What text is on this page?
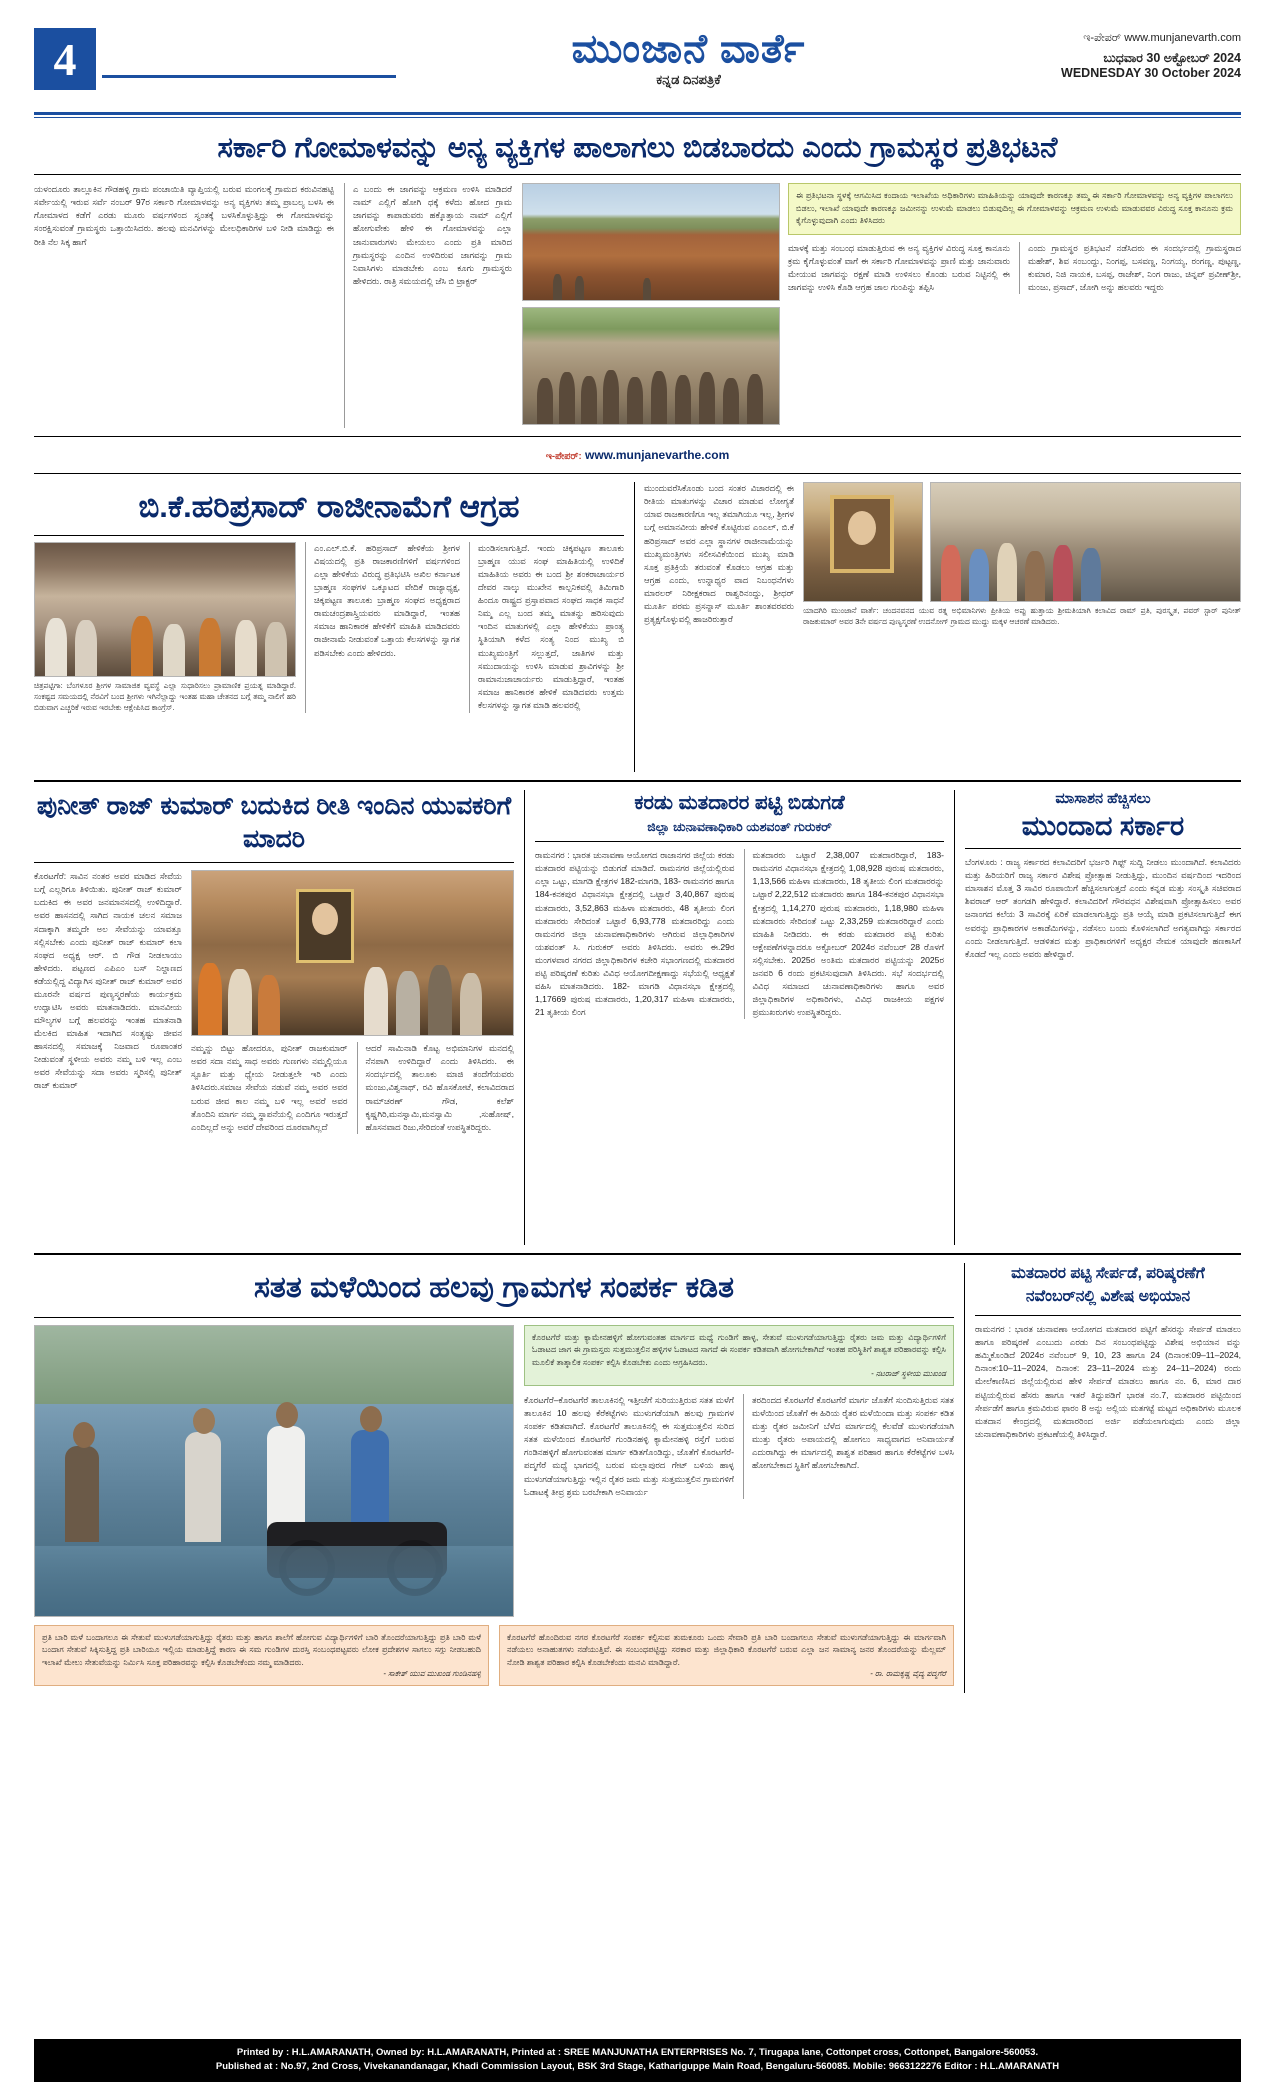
4	ಮುಂಜಾನೆ ವಾರ್ತೆ
ಕನ್ನಡ ದಿನಪತ್ರಿಕೆ
ಇ-ಪೇಪರ್ www.munjanevarth.com
ಬುಧವಾರ 30 ಅಕ್ಟೋಬರ್ 2024
WEDNESDAY 30 October 2024
ಸರ್ಕಾರಿ ಗೋಮಾಳವನ್ನು ಅನ್ಯ ವ್ಯಕ್ತಿಗಳ ಪಾಲಾಗಲು ಬಿಡಬಾರದು ಎಂದು ಗ್ರಾಮಸ್ಥರ ಪ್ರತಿಭಟನೆ
ಯಳಂದೂರು ತಾಲ್ಲೂಕಿನ ಗೌಡಹಳ್ಳಿ ಗ್ರಾಮ ಪಂಚಾಯಿತಿ ವ್ಯಾಪ್ತಿಯಲ್ಲಿ ಬರುವ ಮಂಗಲಕ್ಕೆ ಗ್ರಾಮದ ಕರುವಿನಹಟ್ಟಿ ಸರ್ವೇಯಲ್ಲಿ ಇರುವ ಸರ್ವೆ ನಂಬರ್ 97ರ ಸರ್ಕಾರಿ ಗೋಮಾಳವನ್ನು ಅನ್ಯ ವ್ಯಕ್ತಿಗಳು ತಮ್ಮ ಪ್ರಾಬಲ್ಯ ಬಳಸಿ ಈ ಗೋಮಾಳದ ಕಡೆಗೆ ಎರಡು ಮೂರು ವರ್ಷಗಳಿಂದ ಸ್ವಂತಕ್ಕೆ ಬಳಸಿಕೊಳ್ಳುತ್ತಿದ್ದು ಈ ಗೋಮಾಳವನ್ನು ಸಂರಕ್ಷಿಸುವಂತೆ ಗ್ರಾಮಸ್ಥರು ಒತ್ತಾಯಿಸಿದರು. ಹಲವು ಮನವಿಗಳನ್ನು ಮೇಲಧಿಕಾರಿಗಳ ಬಳಿ ನೀಡಿ ಮಾಡಿದ್ದು ಈ ರೀತಿ ನೆಲ ಸಿಕ್ಕ ಹಾಗೆ
ಎ ಬಂದು ಈ ಜಾಗವನ್ನು ಆಕ್ರಮಣ ಉಳಿಸಿ ಮಾಡಿದರೆ ನಾಮ್ ಎಲ್ಲಿಗೆ ಹೋಗಿ ಧಕ್ಕೆ ಕಳೆದು ಹೋದ ಗ್ರಾಮ ಜಾಗವನ್ನು ಕಾಪಾಡುವರು ಹಕ್ಕೊತ್ತಾಯ ನಾಮ್ ಎಲ್ಲಿಗೆ ಹೋಗುವೇಕು ಹೇಳಿ ಈ ಗೋಮಾಳವನ್ನು ಎಲ್ಲಾ ಜಾನುವಾರುಗಳು ಮೇಯಲು ಎಂದು ಪ್ರತಿ ಮಾರಿದ ಗ್ರಾಮಸ್ಥರನ್ನು ಎಂದಿನ ಉಳಿದಿರುವ ಜಾಗವನ್ನು ಗ್ರಾಮ ನಿವಾಸಿಗಳು ಮಾಡಬೇಕು ಎಂಬ ಕೂಗು ಗ್ರಾಮಸ್ಥರು ಹೇಳಿದರು. ರಾತ್ರಿ ಸಮಯದಲ್ಲಿ ಜೆಸಿ ಬಿ ಟ್ರಾಕ್ಟರ್
ಈ ಪ್ರತಿಭಟನಾ ಸ್ಥಳಕ್ಕೆ ಆಗಮಿಸಿದ ಕಂದಾಯ ಇಲಾಖೆಯ ಅಧಿಕಾರಿಗಳು ಮಾಹಿತಿಯನ್ನು ಯಾವುದೇ ಕಾರಣಕ್ಕೂ ತಮ್ಮ ಈ ಸರ್ಕಾರಿ ಗೋಮಾಳವನ್ನು ಅನ್ಯ ವ್ಯಕ್ತಿಗಳ ಪಾಲಾಗಲು ಬಿಡಲು, ಇಲಾಖೆ ಯಾವುದೇ ಕಾರಣಕ್ಕೂ ಜಮೀನನ್ನು ಉಳುಮೆ ಮಾಡಲು ಬಿಡುವುದಿಲ್ಲ ಈ ಗೋಮಾಳವನ್ನು ಆಕ್ರಮಣ ಉಳುಮೆ ಮಾಡುವವರ ವಿರುದ್ಧ ಸೂಕ್ತ ಕಾನೂನು ಕ್ರಮ ಕೈಗೊಳ್ಳುವುದಾಗಿ ಎಂದು ತಿಳಿಸಿದರು
ಮಾಳಕ್ಕೆ ಮತ್ತು ಸಂಬಂಧ ಮಾಡುತ್ತಿರುವ ಈ ಅನ್ಯ ವ್ಯಕ್ತಿಗಳ ವಿರುದ್ಧ ಸೂಕ್ತ ಕಾನೂನು ಕ್ರಮ ಕೈಗೊಳ್ಳುವಂತೆ ವಾಗೆ ಈ ಸರ್ಕಾರಿ ಗೋಮಾಳವನ್ನು ಪ್ರಾಣಿ ಮತ್ತು ಜಾನುವಾರು ಮೇಯುವ ಜಾಗವನ್ನು ರಕ್ಷಣೆ ಮಾಡಿ ಉಳಿಸಲು ಕೊಂಡು ಬರುವ ನಿಟ್ಟಿನಲ್ಲಿ ಈ ಜಾಗವನ್ನು ಉಳಿಸಿ ಕೊಡಿ ಆಗ್ರಹ ಜಾಲ ಗುಂಪಿನ್ನು ತಪ್ಪಿಸಿ
ಎಂದು ಗ್ರಾಮಸ್ಥರ ಪ್ರತಿಭಟನೆ ನಡೆಸಿದರು ಈ ಸಂದರ್ಭದಲ್ಲಿ ಗ್ರಾಮಸ್ಥರಾದ ಮಹೇಶ್, ಶಿವ ಸಂಬಂದ್ದು, ನಿಂಗಪ್ಪ, ಬಸವಣ್ಣ, ನಿಂಗಯ್ಯ, ರಂಗಣ್ಣ, ಪುಟ್ಟಣ್ಣ, ಕುಮಾರ, ನಿಜಿ ನಾಯಕ, ಬಸಪ್ಪ, ರಾಜೇಶ್, ನಿಂಗ ರಾಜು, ಚಿನ್ನಪ್ ಪ್ರವೀಣ್‌ಶ್ರೀ, ಮಂಜು, ಪ್ರಸಾದ್, ಜೋಗಿ ಅನ್ನು ಹಲವರು ಇದ್ದರು
ಇ-ಪೇಪರ್: www.munjanevarthe.com
ಬಿ.ಕೆ.ಹರಿಪ್ರಸಾದ್ ರಾಜೀನಾಮೆಗೆ ಆಗ್ರಹ
ಚಿತ್ರಪಟ್ಟಿಗಾ: ಬೆಂಗಳೂರ ಶ್ರೀಗಳ ಸಾಮಾಜಿಕ ವ್ಯವಸ್ಥೆ ಎಲ್ಲಾ ಸುಧಾರಿಸಲು ಪ್ರಾಮಾಣಿಕ ಪ್ರಯತ್ನ ಮಾಡಿದ್ದಾರೆ. ಸಂಕಷ್ಟದ ಸಮಯದಲ್ಲಿ ನೆರವಿಗೆ ಬಂದ ಶ್ರೀಗಳು ಇಗಿನೆಲ್ಲಾದ್ದು ಇಂತಹ ಮಹಾ ಚೇತನದ ಬಗ್ಗೆ ತಮ್ಮ ನಾಲಿಗೆ ಹರಿ ಬಿಡುವಾಗ ಎಚ್ಚರಿಕೆ ಇರುವ ಇರಬೇಕು ಆಕ್ಷೇಪಿಸಿದ ಕಾಂಗ್ರೆಸ್.
ಎಂ.ಎಲ್.ಬಿ.ಕೆ. ಹರಿಪ್ರಸಾದ್ ಹೇಳಿಕೆಯ ಶ್ರೀಗಳ ವಿಷಯದಲ್ಲಿ ಪ್ರತಿ ರಾಜಕಾರಣಿಗಳಿಗೆ ವರ್ಷಗಳಿಂದ ಎಲ್ಲಾ ಹೇಳಿಕೆಯ ವಿರುದ್ಧ ಪ್ರತಿಭಟಿಸಿ ಅಖಿಲ ಕರ್ನಾಟಕ ಬ್ರಾಹ್ಮಣ ಸಂಘಗಳ ಒಕ್ಕೂಟದ ವೇದಿಕೆ ರಾಜ್ಯಾಧ್ಯಕ್ಷ, ಚಿಕ್ಕಪಟ್ಟಣ ತಾಲೂಕು ಬ್ರಾಹ್ಮಣ ಸಂಘದ ಅಧ್ಯಕ್ಷರಾದ ರಾಮಚಂದ್ರಶಾಸ್ತ್ರಿಯವರು ಮಾಡಿದ್ದಾರೆ, ಇಂತಹ ಸಮಾಜ ಹಾನಿಕಾರಕ ಹೇಳಿಕೆಗೆ ಮಾಹಿತಿ ಮಾಡಿದವರು ರಾಜೀನಾಮೆ ನೀಡುವಂತೆ ಒತ್ತಾಯ ಕೆಲಸಗಳನ್ನು ಸ್ವಾಗತ ಪಡಿಸಬೇಕು ಎಂದು ಹೇಳಿದರು.
ಮಂಡಿಸಲಾಗುತ್ತಿದೆ. ಇಂದು ಚಿಕ್ಕಪಟ್ಟಣ ತಾಲೂಕು ಬ್ರಾಹ್ಮಣ ಯುವ ಸಂಘ ಮಾಹಿತಿಯಲ್ಲಿ ಉಳಿದಿಕೆ ಮಾಹಿತಿಯ ಅವರು ಈ ಬಂದ ಶ್ರೀ ಶಂಕರಾಚಾರ್ಯರ ದೇವರ ನಾಲ್ಕು ಮುಖೇನ ಕಾಲ್ಪನಿಕವಲ್ಲಿ ತಿಮಿಗಾರಿ ಹಿಂದೂ ರಾಷ್ಟ್ರದ ಪ್ರಸ್ತಾಪವಾದ ಸಂಘದ ಸಾಧಕ ಸಾಧನೆ ನಿಮ್ಮ ಎಲ್ಲ ಬಂದ ತಮ್ಮ ಮಾತನ್ನು ಹರಿಸುವುದು ಇಂದಿನ ಮಾತುಗಳಲ್ಲಿ ಎಲ್ಲಾ ಹೇಳಿಕೆಯು ಪ್ರಾಂತ್ಯ ಸ್ಥಿತಿಯಾಗಿ ಕಳೆದ ಸಂತ್ಯ ನಿಂದ ಮುಖ್ಯ ಬಿ ಮುಖ್ಯಮಂತ್ರಿಗೆ ಸಲ್ಲುತ್ತದೆ, ಜಾತಿಗಳ ಮತ್ತು ಸಮುದಾಯನ್ನು ಉಳಿಸಿ ಮಾಡುವ ಶ್ರಾವಿಗಳನ್ನು ಶ್ರೀ ರಾಮಾನುಜಾಚಾರ್ಯರು ಮಾಡುತ್ತಿದ್ದಾರೆ, ಇಂತಹ ಸಮಾಜ ಹಾನಿಕಾರಕ ಹೇಳಿಕೆ ಮಾಡಿದವರು ಉತ್ತಮ ಕೆಲಸಗಳನ್ನು ಸ್ವಾಗತ ಮಾಡಿ ಹಲವರಲ್ಲಿ
ಮುಂದುವರೆಸಿಕೊಂಡು ಬಂದ ಸಂತರ ವಿಚಾರದಲ್ಲಿ ಈ ರೀತಿಯ ಮಾತುಗಳನ್ನು ವಿಚಾರ ಮಾಡುವ ಲೋಗ್ಯತೆ ಯಾವ ರಾಜಕಾರಣಿಗೂ ಇಲ್ಲ ತಮಾಗಿಯೂ ಇಲ್ಲ, ಶ್ರೀಗಳ ಬಗ್ಗೆ ಅಮಾನವೀಯ ಹೇಳಿಕೆ ಕೊಟ್ಟಿರುವ ಎಂಎಲ್, ಬಿ.ಕೆ ಹರಿಪ್ರಸಾದ್ ಅವರ ಎಲ್ಲಾ ಸ್ಥಾನಗಳ ರಾಜೀನಾಮೆಯನ್ನು ಮುಖ್ಯಮಂತ್ರಿಗಳು ಸಲೀಸವಿಕೆಯಿಂದ ಮುಖ್ಯ ಮಾಡಿ ಸೂಕ್ತ ಪ್ರತಿಕ್ರಿಯೆ ತರುವಂತೆ ಕೊಡಲು ಆಗ್ರಹ ಮತ್ತು ಆಗ್ರಹ ಎಂದು, ಉನ್ನಾಥ್ಯರ ವಾದ ನಿಬಂಧನೆಗಳು ಮಾರಲರ್ ನಿರೀಕ್ಷಕರಾದ ರಾಶ್ವರಿನಂದ್ದು, ಶ್ರೀಧರ್ ಮೂರ್ತಿ ಪರಮ ಪ್ರಸನ್ನಾಸ್ ಮೂರ್ತಿ ಶಾಂತವರವರು ಪ್ರತ್ಯಕ್ಷಗೊಳ್ಳುವಲ್ಲಿ ಹಾಜರಿರುತ್ತಾರೆ
ಯಾದಗಿರಿ ಮುಂಜಾನೆ ವಾರ್ತೆ: ಚಂದನವನದ ಯುವ ರತ್ನ ಅಭಿಮಾನಿಗಳು ಪ್ರೀತಿಯ ಅಪ್ಪು ಹುತ್ತಾಯ ಶ್ರೀಮತಿಯಾಗಿ ಕಲಾವಿದ ರಾಮ್ ಪ್ರತಿ, ಪುರಸ್ಕೃತ, ಪವರ್ ಸ್ಟಾರ್ ಪುನೀತ್ ರಾಜಕುಮಾರ್ ಅವರ 3ನೇ ವರ್ಷದ ಪುಣ್ಯಸ್ಮರಣೆ ಉದನೋಗ್ ಗ್ರಾಮದ ಮುದ್ದು ಮಕ್ಕಳ ಆಚರಣೆ ಮಾಡಿದರು.
ಪುನೀತ್ ರಾಜ್ ಕುಮಾರ್ ಬದುಕಿದ ರೀತಿ ಇಂದಿನ ಯುವಕರಿಗೆ ಮಾದರಿ
ಕೊರಟಗೆರೆ: ಸಾವಿನ ನಂತರ ಅವರ ಮಾಡಿದ ಸೇವೆಯ ಬಗ್ಗೆ ಎಲ್ಲರಿಗೂ ತಿಳಿಯಿತು. ಪುನೀತ್ ರಾಜ್ ಕುಮಾರ್ ಬದುಕಿದ ಈ ಅವರ ಜನಮಾನಸದಲ್ಲಿ ಉಳಿದಿದ್ದಾರೆ. ಅವರ ಹಾಸನದಲ್ಲಿ ಸಾಗಿದ ನಾಯಕ ಚಲನ ಸಮಾಜ ಸದಾಕ್ಕಾಗಿ ತಮ್ಮದೇ ಅಲ ಸೇವೆಯನ್ನು ಯಾವತ್ತೂ ಸಲ್ಲಿಸಬೇಕು ಎಂದು ಪುನೀತ್ ರಾಜ್ ಕುಮಾರ್ ಕಲಾ ಸಂಘದ ಅಧ್ಯಕ್ಷ ಆರ್. ಬಿ ಗೌಡ ನೀಡಲಾಯು ಹೇಳಿದರು. ಪಟ್ಟಣದ ಎಪಿಎಂ ಬಸ್ ನಿಲ್ದಾಣದ ಕಡೆಯಲ್ಲಿದ್ದ ವಿದ್ಯಾಗಿಸ ಪುನೀತ್ ರಾಜ್ ಕುಮಾರ್ ಅವರ ಮೂರನೇ ವರ್ಷದ ಪುಣ್ಯಸ್ಮರಣೆಯ ಕಾರ್ಯಕ್ರಮ ಉದ್ಘಾಟಿಸಿ ಅವರು ಮಾತನಾಡಿದರು. ಮಾನವೀಯ ಮೌಲ್ಯಗಳ ಬಗ್ಗೆ ಹಲವರನ್ನು ಇಂತಹ ಮಾತನಾಡಿ ಮೆಲಕಿದ ಮಾಹಿತ ಇದಾಗಿದ ಸಂತ್ಯಷ್ಟು ಜೀವನ ಹಾಸನದಲ್ಲಿ ಸಮಾಜಕ್ಕೆ ನಿಜವಾದ ರೂಪಾಂತರ ನೀಡುವಂತೆ ಸ್ಥಳೀಯ ಅವರು ನಮ್ಮ ಬಳಿ ಇಲ್ಲ ಎಂಬ ಅವರ ಸೇವೆಯನ್ನು ಸದಾ ಅವರು ಸ್ಮರಿಸಲ್ಲಿ ಪುನೀತ್ ರಾಜ್ ಕುಮಾರ್
ನಮ್ಮನ್ನು ಬಿಟ್ಟು ಹೋದರೂ, ಪುನೀತ್ ರಾಜಕುಮಾರ್ ಅವರ ಸದಾ ನಮ್ಮ ಸಾಧ ಅವರು ಗುಣಗಳು ನಮ್ಮಲ್ಲಿಯೂ ಸ್ಪೂರ್ತಿ ಮತ್ತು ಧ್ಯೇಯ ನೀಡುತ್ತಲೇ ಇರಿ ಎಂದು ತಿಳಿಸಿದರು.ಸಮಾಜ ಸೇವೆಯ ನಡುವೆ ನಮ್ಮ ಅವರ ಅವರ ಬರುವ ಜೀವ ಕಾಲ ನಮ್ಮ ಬಳಿ ಇಲ್ಲ ಅವರೆ ಅವರ ತೊಂದಿನಿ ಮಾರ್ಗ ನಮ್ಮ ಸ್ಥಾಪನೆಯಲ್ಲಿ ಎಂದಿಗೂ ಇರುತ್ತದೆ ಎಂದಿಲ್ಲದೆ ಅನ್ನು ಅವರೆ ದೇವರಿಂದ ದೂರವಾಗಿಲ್ಲದೆ
ಆದರೆ ಸಾಮಿನಾಡಿ ಕೊಟ್ಟ ಅಭಿಮಾನಿಗಳ ಮನದಲ್ಲಿ ನೆನಪಾಗಿ ಉಳಿದಿದ್ದಾರೆ ಎಂದು ತಿಳಿಸಿದರು. ಈ ಸಂದರ್ಭದಲ್ಲಿ ತಾಲೂಕು ಮಾಜಿ ತಂದೆಗೆಯವರು ಮಂಜು,ವಿಶ್ವನಾಥ್, ರವಿ ಹೊಸಕೋಟೆ, ಕಲಾವಿದರಾದ ರಾಮ್‌ಚರಣ್ ಗೌಡ, ಕಲೆಶ್ ಕೃಷ್ಣಗಿರಿ,ಮನಸ್ವಾಮಿ,ಮನಸ್ವಾಮಿ ,ಸುಹೋಷ್, ಹೊಸನವಾದ ರಿಜು,ಸೇರಿದಂತೆ ಉಪಸ್ಥಿತರಿದ್ದರು.
ಕರಡು ಮತದಾರರ ಪಟ್ಟಿ ಬಿಡುಗಡೆ
ಜಿಲ್ಲಾ ಚುನಾವಣಾಧಿಕಾರಿ ಯಶವಂತ್ ಗುರುಕರ್
ರಾಮನಗರ : ಭಾರತ ಚುನಾವಣಾ ಆಯೋಗದ ರಾಜಾನಗರ ಜಿಲ್ಲೆಯ ಕರಡು ಮತದಾರರ ಪಟ್ಟಿಯನ್ನು ಬಿಡುಗಡೆ ಮಾಡಿದೆ. ರಾಮನಗರ ಜಿಲ್ಲೆಯಲ್ಲಿರುವ ಎಲ್ಲಾ ಒಟ್ಟು, ಮಾಗಡಿ ಕ್ಷೇತ್ರಗಳ 182-ಮಾಗಡಿ, 183- ರಾಮನಗರ ಹಾಗೂ 184-ಕನಕಪುರ ವಿಧಾನಸಭಾ ಕ್ಷೇತ್ರದಲ್ಲಿ ಒಟ್ಟಾರೆ 3,40,867 ಪುರುಷ ಮತದಾರರು, 3,52,863 ಮಹಿಳಾ ಮತದಾರರು, 48 ತೃತೀಯ ಲಿಂಗ ಮತದಾರರು ಸೇರಿದಂತೆ ಒಟ್ಟಾರೆ 6,93,778 ಮತದಾರರಿದ್ದು ಎಂದು ರಾಮನಗರ ಜಿಲ್ಲಾ ಚುನಾವಣಾಧಿಕಾರಿಗಳು ಆಗಿರುವ ಜಿಲ್ಲಾಧಿಕಾರಿಗಳ ಯಶವಂತ್ ಸಿ. ಗುರುಕರ್ ಅವರು ತಿಳಿಸಿದರು. ಅವರು ಈ.29ರ ಮಂಗಳವಾರ ನಗರದ ಜಿಲ್ಲಾಧಿಕಾರಿಗಳ ಕಚೇರಿ ಸಭಾಂಗಣದಲ್ಲಿ ಮತದಾರರ ಪಟ್ಟಿ ಪರಿಷ್ಕರಣೆ ಕುರಿತು ವಿವಿಧ ಆಯೋಗದೀಕ್ಷಣಾದ್ದು ಸಭೆಯಲ್ಲಿ ಆಧ್ಯಕ್ಷತೆ ವಹಿಸಿ ಮಾತನಾಡಿದರು. 182- ಮಾಗಡಿ ವಿಧಾನಸಭಾ ಕ್ಷೇತ್ರದಲ್ಲಿ 1,17669 ಪುರುಷ ಮತದಾರರು, 1,20,317 ಮಹಿಳಾ ಮತದಾರರು, 21 ತೃತೀಯ ಲಿಂಗ
ಮತದಾರರು ಒಟ್ಟಾರೆ 2,38,007 ಮತದಾರರಿದ್ದಾರೆ, 183- ರಾಮನಗರ ವಿಧಾನಸಭಾ ಕ್ಷೇತ್ರದಲ್ಲಿ 1,08,928 ಪುರುಷ ಮತದಾರರು, 1,13,566 ಮಹಿಳಾ ಮತದಾರರು, 18 ತೃತೀಯ ಲಿಂಗ ಮತದಾರರನ್ನು ಒಟ್ಟಾರೆ 2,22,512 ಮತದಾರರು ಹಾಗೂ 184-ಕನಕಪುರ ವಿಧಾನಸಭಾ ಕ್ಷೇತ್ರದಲ್ಲಿ 1,14,270 ಪುರುಷ ಮತದಾರರು, 1,18,980 ಮಹಿಳಾ ಮತದಾರರು ಸೇರಿದಂತೆ ಒಟ್ಟು 2,33,259 ಮತದಾರರಿದ್ದಾರೆ ಎಂದು ಮಾಹಿತಿ ನೀಡಿದರು. ಈ ಕರಡು ಮತದಾರರ ಪಟ್ಟಿ ಕುರಿತು ಆಕ್ಷೇಪಣೆಗಳನ್ನಾದರೂ ಅಕ್ಟೋಬರ್ 2024ರ ನವೆಂಬರ್ 28 ರೊಳಗೆ ಸಲ್ಲಿಸಬೇಕು. 2025ರ ಅಂತಿಮ ಮತದಾರರ ಪಟ್ಟಿಯನ್ನು 2025ರ ಜನವರಿ 6 ರಂದು ಪ್ರಕಟಿಸುವುದಾಗಿ ತಿಳಿಸಿದರು. ಸಭೆ ಸಂದರ್ಭದಲ್ಲಿ ವಿವಿಧ ಸಮಾಜದ ಚುನಾವಣಾಧಿಕಾರಿಗಳು ಹಾಗೂ ಅವರ ಜಿಲ್ಲಾಧಿಕಾರಿಗಳ ಅಧಿಕಾರಿಗಳು, ವಿವಿಧ ರಾಜಕೀಯ ಪಕ್ಷಗಳ ಪ್ರಮುಖರುಗಳು ಉಪಸ್ಥಿತರಿದ್ದರು.
ಮಾಸಾಶನ ಹೆಚ್ಚಿಸಲು
ಮುಂದಾದ ಸರ್ಕಾರ
ಬೆಂಗಳೂರು : ರಾಜ್ಯ ಸರ್ಕಾರದ ಕಲಾವಿದರಿಗೆ ಭರ್ಜರಿ ಗಿಫ್ಟ್ ಸುದ್ದಿ ನೀಡಲು ಮುಂದಾಗಿದೆ. ಕಲಾವಿದರು ಮತ್ತು ಹಿರಿಯರಿಗೆ ರಾಜ್ಯ ಸರ್ಕಾರ ವಿಶೇಷ ಪ್ರೋತ್ಸಾಹ ನೀಡುತ್ತಿದ್ದು, ಮುಂದಿನ ವರ್ಷದಿಂದ ಇದರಿಂದ ಮಾಸಾಶನ ಮೊತ್ತ 3 ಸಾವಿರ ರೂಪಾಯಿಗೆ ಹೆಚ್ಚಿಸಲಾಗುತ್ತದೆ ಎಂದು ಕನ್ನಡ ಮತ್ತು ಸಂಸ್ಕೃತಿ ಸಚಿವರಾದ ಶಿವರಾಜ್ ಆರ್ ತಂಗಡಗಿ ಹೇಳಿದ್ದಾರೆ. ಕಲಾವಿದರಿಗೆ ಗೌರವಧನ ವಿಶೇಷವಾಗಿ ಪ್ರೋತ್ಸಾಹಿಸಲು ಅವರ ಜನಾಂಗದ ಕಲೆಯ 3 ಸಾವಿರಕ್ಕೆ ಏರಿಕೆ ಮಾಡಲಾಗುತ್ತಿದ್ದು ಪ್ರತಿ ಆಯ್ಕೆ ಮಾಡಿ ಪ್ರಕಟಿಸಲಾಗುತ್ತಿದೆ ಈಗ ಅವರನ್ನು ಪ್ರಾಧಿಕಾರಗಳ ಅಕಾಡೆಮಿಗಳನ್ನು, ನಡೆಸಲು ಬಂದು ಕೊಳಿಸಲಾಗಿದೆ ಅಗತ್ಯವಾಗಿದ್ದು ಸರ್ಕಾರದ ಎಂದು ನೀಡಲಾಗುತ್ತಿದೆ. ಆಡಳಿತದ ಮತ್ತು ಪ್ರಾಧಿಕಾರಗಳಿಗೆ ಅಧ್ಯಕ್ಷರ ನೇಮಕ ಯಾವುದೇ ಹಣಕಾಸಿಗೆ ಕೊಡದೆ ಇಲ್ಲ ಎಂದು ಅವರು ಹೇಳಿದ್ದಾರೆ.
ಸತತ ಮಳೆಯಿಂದ ಹಲವು ಗ್ರಾಮಗಳ ಸಂಪರ್ಕ ಕಡಿತ
ಕೊರಟಗೆರೆ ಮತ್ತು ಕ್ಯಾಮೇನಹಳ್ಳಿಗೆ ಹೋಗುವಂತಹ ಮಾರ್ಗದ ಮಧ್ಯೆ ಗುಂಡಿಗೆ ಹಾಳ್ಳ, ಸೇತುವೆ ಮುಳುಗಡೆಯಾಗುತ್ತಿದ್ದು ರೈತರು ಜಮ ಮತ್ತು ವಿದ್ಯಾರ್ಥಿಗಳಿಗೆ ಓಡಾಟದ ಜಾಗ ಈ ಗ್ರಾಮಸ್ತರು ಸುತ್ತಮುತ್ತಲಿನ ಹಳ್ಳಿಗಳ ಓಡಾಟದ ಸಾಗದೆ ಈ ಸಂಪರ್ಕ ಕಡಿತವಾಗಿ ಹೋಗಬೇಕಾಗಿದೆ ಇಂತಹ ಪರಿಸ್ಥಿತಿಗೆ ಶಾಶ್ವತ ಪರಿಹಾರವನ್ನು ಕಲ್ಪಿಸಿ ಮೂಲಿಕೆ ತಾತ್ಕಾಲಿಕ ಸಂಪರ್ಕ ಕಲ್ಪಿಸಿ ಕೊಡಬೇಕು ಎಂದು ಆಗ್ರಹಿಸಿದರು.
- ನಟರಾಜ್ ಸ್ಥಳೀಯ ಮುಖಂಡ
ಕೊರಟಗೆರೆ–ಕೊರಟಗೆರೆ ತಾಲೂಕಿನಲ್ಲಿ ಇತ್ತೀಚೆಗೆ ಸುರಿಯುತ್ತಿರುವ ಸತತ ಮಳೆಗೆ ತಾಲೂಕಿನ 10 ಹಲವು ಕೆರೆಕಟ್ಟೆಗಳು ಮುಳುಗಡೆಯಾಗಿ ಹಲವು ಗ್ರಾಮಗಳ ಸಂಪರ್ಕ ಕಡಿತವಾಗಿದೆ. ಕೊರಟಗೆರೆ ತಾಲೂಕಿನಲ್ಲಿ ಈ ಸುತ್ತಮುತ್ತಲಿನ ಸುರಿದ ಸತತ ಮಳೆಯಿಂದ ಕೊರಟಗೆರೆ ಗುಂಡಿನಹಳ್ಳಿ ಕ್ಯಾಮೇನಹಳ್ಳಿ ರಸ್ತೆಗೆ ಬರುವ ಗಂಡಿನಹಳ್ಳಿಗೆ ಹೋಗುವಂತಹ ಮಾರ್ಗ ಕಡಿತಗೊಂಡಿದ್ದು, ಜೊತೆಗೆ ಕೊರಟಗೆರೆ- ಪದ್ಮಗೆರೆ ಮಧ್ಯೆ ಭಾಗದಲ್ಲಿ ಬರುವ ಮಲ್ಲಾಪುರದ ಗೇಟ್ ಬಳಿಯ ಹಾಳ್ಳ ಮುಳುಗಡೆಯಾಗುತ್ತಿದ್ದು ಇಲ್ಲಿನ ರೈತರ ಜಮ ಮತ್ತು ಸುತ್ತಮುತ್ತಲಿನ ಗ್ರಾಮಗಳಿಗೆ ಓಡಾಟಕ್ಕೆ ತೀವ್ರ ಶ್ರಮ ಬರಬೇಕಾಗಿ ಅನಿವಾರ್ಯ
ತರದಿಂದದ ಕೊರಟಗೆರೆ ಕೊರಟಗೆರೆ ಮಾರ್ಗ ಜೊತೆಗೆ ಸುಂದಿಸುತ್ತಿರುವ ಸತತ ಮಳೆಯಿಂದ ಜೊತೆಗೆ ಈ ಹಿರಿಯ ರೈತರ ಮಳೆಯಿಂದಾ ಮತ್ತು ಸಂಪರ್ಕ ಕಡಿತ ಮತ್ತು ರೈತರ ಜಮೀನಿಗೆ ಬೆಳೆದ ಮಾರ್ಗದಲ್ಲಿ ಕೆಲವೆಡೆ ಮುಳುಗಡೆಯಾಗಿ ಮುತ್ತು ರೈತರು ಅಪಾಯದಲ್ಲಿ ಹೋಗಲು ಸಾಧ್ಯವಾಗದ ಅನಿವಾರ್ಯತೆ ಎದುರಾಗಿದ್ದು ಈ ಮಾರ್ಗದಲ್ಲಿ ಶಾಶ್ವತ ಪರಿಹಾರ ಹಾಗೂ ಕೆರೆಕಟ್ಟೆಗಳ ಬಳಸಿ ಹೋಗಬೇಕಾದ ಸ್ಥಿತಿಗೆ ಹೋಗಬೇಕಾಗಿದೆ.
ಪ್ರತಿ ಬಾರಿ ಮಳೆ ಬಂದಾಗಲೂ ಈ ಸೇತುವೆ ಮುಳುಗಡೆಯಾಗುತ್ತಿದ್ದು ರೈತರು ಮತ್ತು ಹಾಗೂ ಶಾಲೆಗೆ ಹೋಗುವ ವಿದ್ಯಾರ್ಥಿಗಳಿಗೆ ಬಾರಿ ತೊಂದರೆಯಾಗುತ್ತಿದ್ದು ಪ್ರತಿ ಬಾರಿ ಮಳೆ ಬಂದಾಗ ಸೇತುವೆ ಸಿಕ್ಕಿಸುತ್ತಿದ್ದ ಪ್ರತಿ ಬಾರಿಯೂ ಇಲ್ಲಿಯ ಮಾಡುತ್ತಿದ್ದೆ ಕಾರಣ ಈ ಸಮ ಗುಂಡಿಗಳ ದುರಸ್ತಿ ಸಂಬಂಧಪಟ್ಟವರು ಲೋಕ ಪ್ರದೇಶಗಳ ಸಾಗಲು ಸಗ್ಗು ನೀಡಬಹುದಿ ಇಲಾಖೆ ಮೇಲು ಸೇತುವೆಯನ್ನು ನಿರ್ಮಿಸಿ ಸೂಕ್ತ ಪರಿಹಾರವನ್ನು ಕಲ್ಪಿಸಿ ಕೊಡಬೇಕೆಂದು ನಮ್ಮ ಮಾಡಿದರು.
- ಸಾಕೇತ್ ಯುವ ಮುಖಂಡ ಗುಂಡಿನಹಳ್ಳಿ
ಕೊರಟಗೆರೆ ಹೊಂದಿರುವ ನಗರ ಕೊರಟಗೆರೆ ಸಂಪರ್ಕ ಕಲ್ಪಿಸುವ ತುಮಕೂರು ಒಂದು ಸೇವಾರಿ ಪ್ರತಿ ಬಾರಿ ಬಂದಾಗಲೂ ಸೇತುವೆ ಮುಳುಗಡೆಯಾಗುತ್ತಿದ್ದು ಈ ಮಾರ್ಗವಾಗಿ ನಡೆಯಲು ಅನಾಹುತಗಳು ನಡೆಯುತ್ತಿವೆ. ಈ ಸಂಬಂಧಪಟ್ಟಿದ್ದು ಸರಕಾರ ಮತ್ತು ಜಿಲ್ಲಾಧಿಕಾರಿ ಕೊರಟಗೆರೆ ಬರುವ ಎಲ್ಲಾ ಜನ ಸಾಮಾನ್ಯ ಜನರ ತೊಂದರೆಯನ್ನು ಮೆಲ್ಲಮ್ ನೋಡಿ ಶಾಶ್ವತ ಪರಿಹಾರ ಕಲ್ಪಿಸಿ ಕೊಡಬೇಕೆಂದು ಮನವಿ ಮಾಡಿದ್ದಾರೆ.
- ರಾ. ರಾಮಕೃಷ್ಣ ವೈದ್ಯ ಪದ್ಮಗೆರೆ
ಮತದಾರರ ಪಟ್ಟಿ ಸೇರ್ಪಡೆ, ಪರಿಷ್ಕರಣೆಗೆ ನವೆಂಬರ್‌ನಲ್ಲಿ ವಿಶೇಷ ಅಭಿಯಾನ
ರಾಮನಗರ : ಭಾರತ ಚುನಾವಣಾ ಆಯೋಗದ ಮತದಾರರ ಪಟ್ಟಿಗೆ ಹೆಸರನ್ನು ಸೇರ್ಪಡೆ ಮಾಡಲು ಹಾಗೂ ಪರಿಷ್ಕರಣೆ ಎಂಬುದು ಎರಡು ದಿನ ಸಂಬಂಧಪಟ್ಟಿದ್ದು ವಿಶೇಷ ಅಭಿಯಾನ ವನ್ನು ಹಮ್ಮಿಕೊಂಡಿದೆ 2024ರ ನವೆಂಬರ್ 9, 10, 23 ಹಾಗೂ 24 (ದಿನಾಂಕ:09–11–2024, ದಿನಾಂಕ:10–11–2024, ದಿನಾಂಕ: 23–11–2024 ಮತ್ತು 24–11–2024) ರಂದು ಮೇಲೆಕಾಣಿಸಿದ ಜಿಲ್ಲೆಯಲ್ಲಿರುವ ಹೇಳಿ ಸೇರ್ಪಡೆ ಮಾಡಲು ಹಾಗೂ ನಂ. 6, ಮಾರ ದಾರ ಪಟ್ಟಿಯಲ್ಲಿರುವ ಹೆಸರು ಹಾಗೂ ಇತರೆ ತಿದ್ದುಪಡಿಗೆ ಭಾರತ ನಂ.7, ಮತದಾರರ ಪಟ್ಟಿಯಿಂದ ಸೇರ್ಪಡೆಗೆ ಹಾಗೂ ಕ್ರಮವಿರುವ ಫಾರಂ 8 ಅನ್ನು ಅಲ್ಲಿಯ ಮತಗಟ್ಟೆ ಮಟ್ಟದ ಅಧಿಕಾರಿಗಳು ಮೂಲಕ ಮತದಾನ ಕೇಂದ್ರದಲ್ಲಿ ಮತದಾರರಿಂದ ಅರ್ಜಿ ಪಡೆಯಲಾಗುವುದು ಎಂದು ಜಿಲ್ಲಾ ಚುನಾವಣಾಧಿಕಾರಿಗಳು ಪ್ರಕಟಣೆಯಲ್ಲಿ ತಿಳಿಸಿದ್ದಾರೆ.
Printed by : H.L.AMARANATH, Owned by: H.L.AMARANATH, Printed at : SREE MANJUNATHA ENTERPRISES No. 7, Tirugapa lane, Cottonpet cross, Cottonpet, Bangalore-560053.
Published at : No.97, 2nd Cross, Vivekanandanagar, Khadi Commission Layout, BSK 3rd Stage, Kathariguppe Main Road, Bengaluru-560085. Mobile: 9663122276 Editor : H.L.AMARANATH
